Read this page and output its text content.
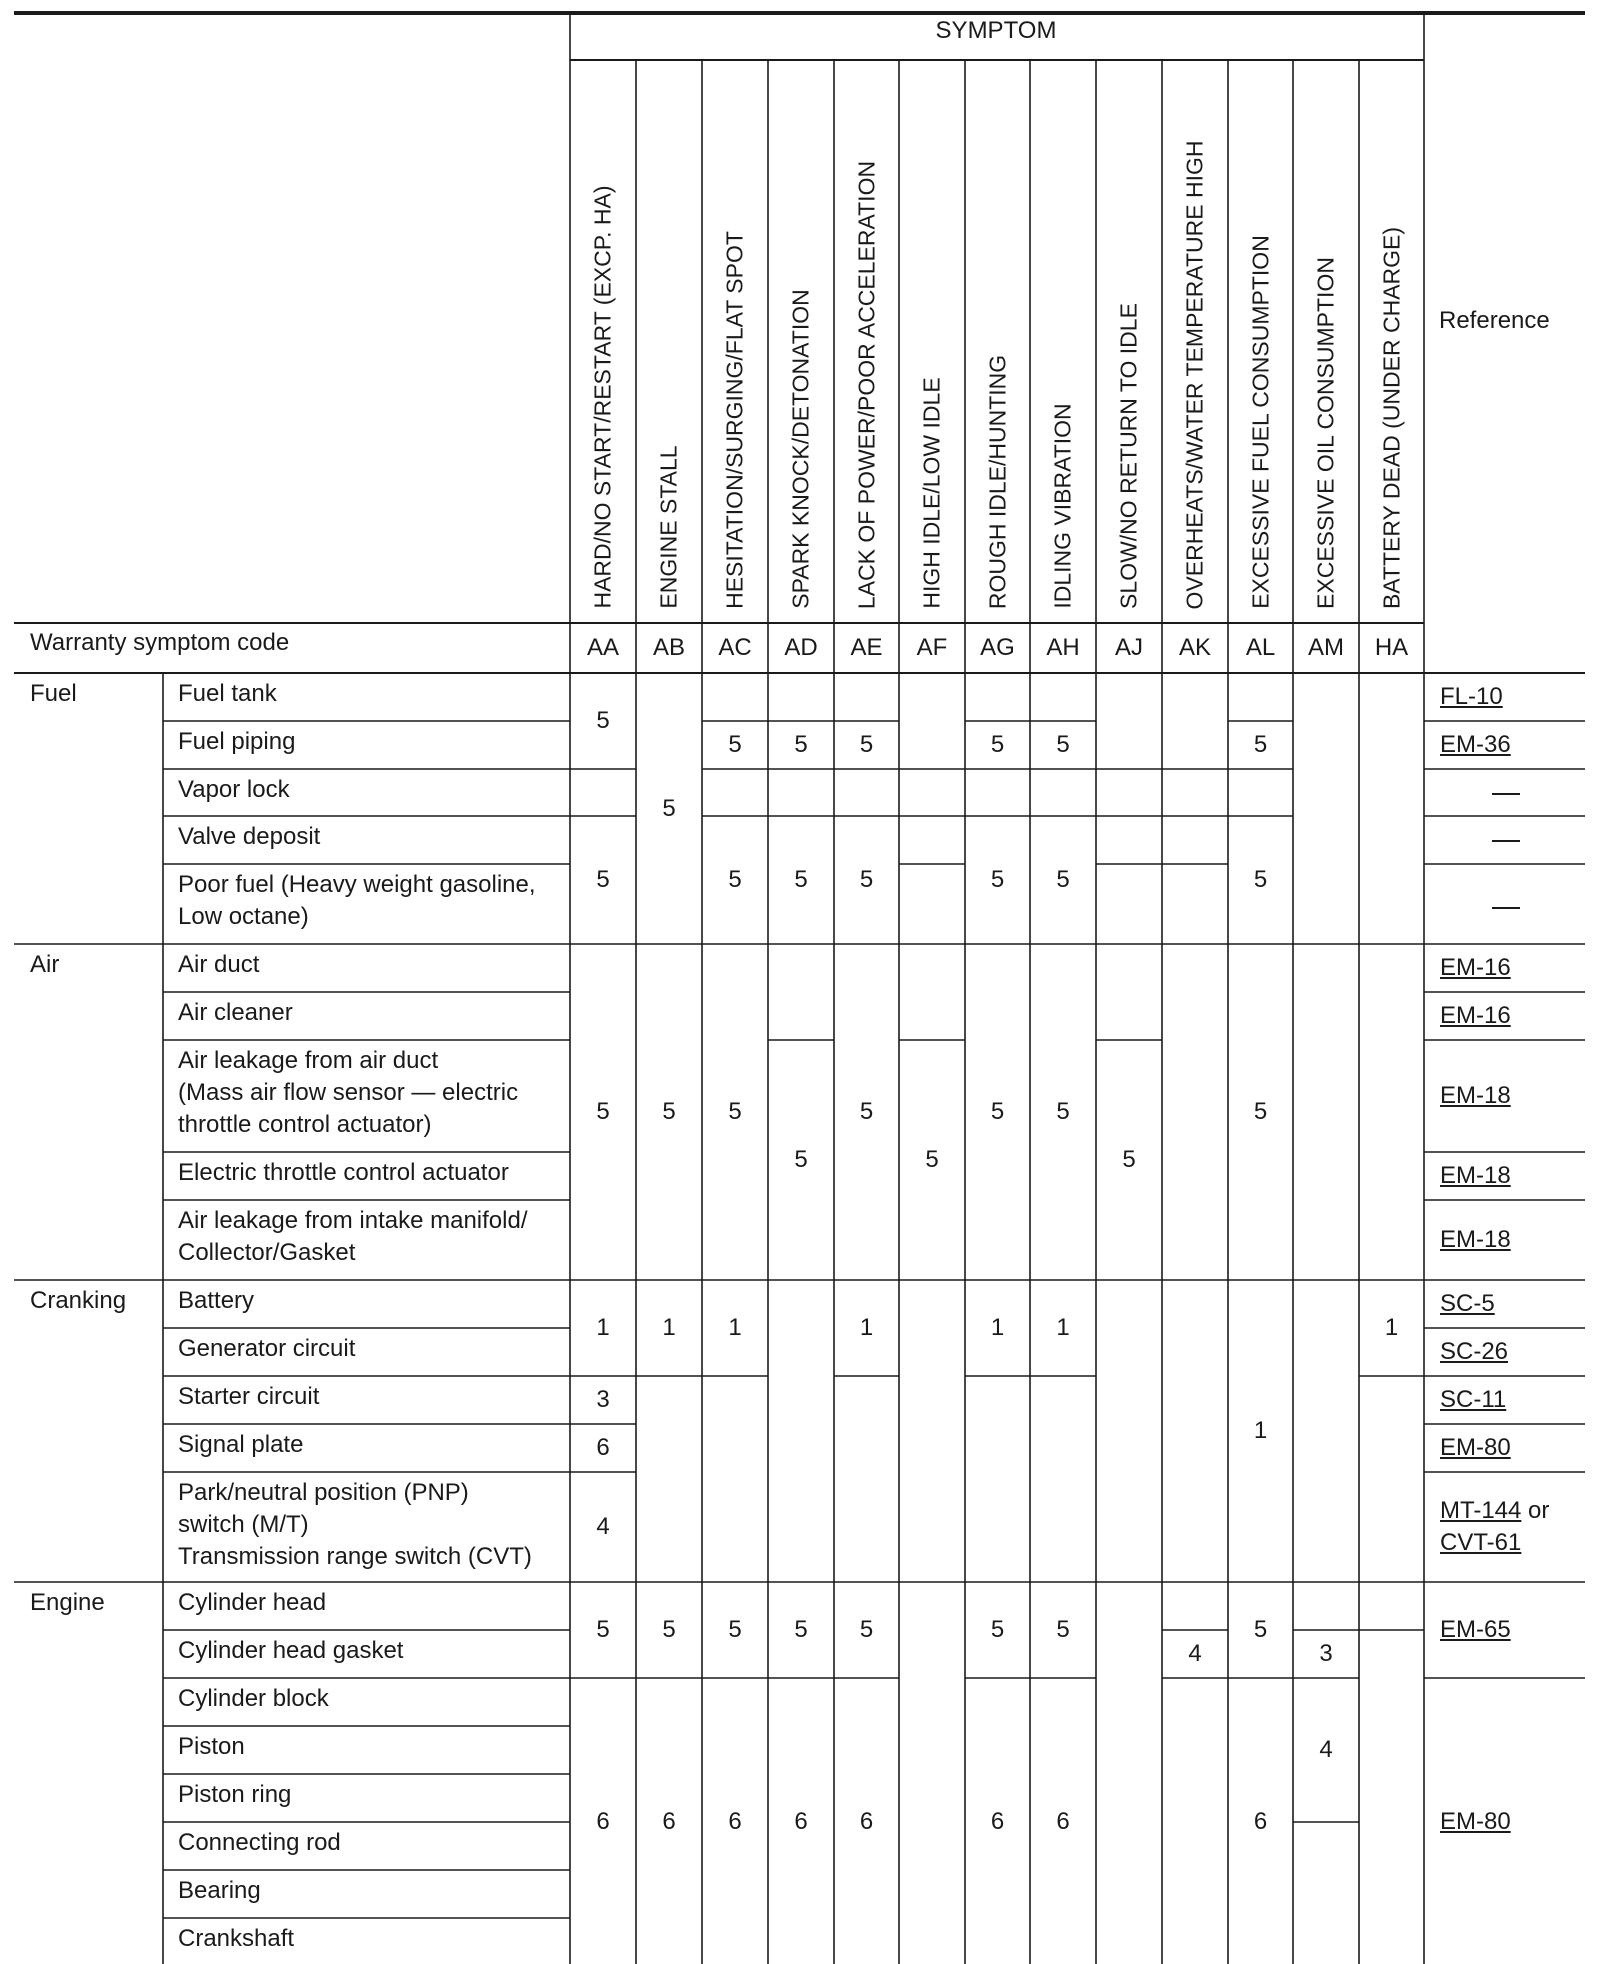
SYMPTOM
Reference
Warranty symptom code
HARD/NO START/RESTART (EXCP. HA)
AA
ENGINE STALL
AB
HESITATION/SURGING/FLAT SPOT
AC
SPARK KNOCK/DETONATION
AD
LACK OF POWER/POOR ACCELERATION
AE
HIGH IDLE/LOW IDLE
AF
ROUGH IDLE/HUNTING
AG
IDLING VIBRATION
AH
SLOW/NO RETURN TO IDLE
AJ
OVERHEATS/WATER TEMPERATURE HIGH
AK
EXCESSIVE FUEL CONSUMPTION
AL
EXCESSIVE OIL CONSUMPTION
AM
BATTERY DEAD (UNDER CHARGE)
HA
Fuel
Air
Cranking
Engine
Fuel tank
Fuel piping
Vapor lock
Valve deposit
Poor fuel (Heavy weight gasoline,
Low octane)
Air duct
Air cleaner
Air leakage from air duct
(Mass air flow sensor — electric
throttle control actuator)
Electric throttle control actuator
Air leakage from intake manifold/
Collector/Gasket
Battery
Generator circuit
Starter circuit
Signal plate
Park/neutral position (PNP)
switch (M/T)
Transmission range switch (CVT)
Cylinder head
Cylinder head gasket
Cylinder block
Piston
Piston ring
Connecting rod
Bearing
Crankshaft
FL-10
EM-36
EM-16
EM-16
EM-18
EM-18
EM-18
SC-5
SC-26
SC-11
EM-80
MT-144 or
CVT-61
EM-65
EM-80
5
5
5
1
3
6
4
5
6
5
5
1
5
6
5
5
5
1
5
6
5
5
5
5
6
5
5
5
1
5
6
5
5
5
5
1
5
6
5
5
5
1
5
6
5
4
5
5
5
1
5
6
3
4
1
